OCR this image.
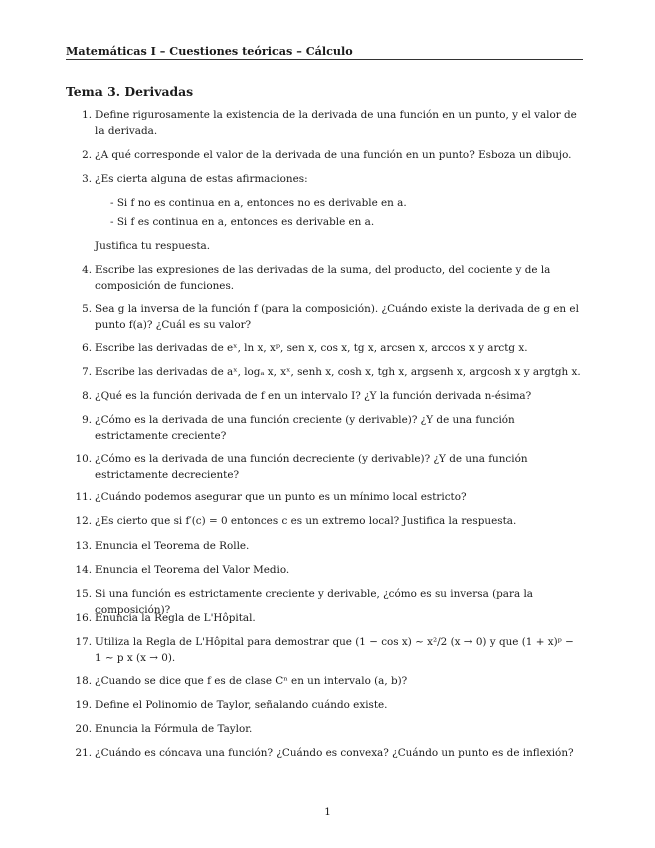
Matemáticas I – Cuestiones teóricas – Cálculo
Tema 3. Derivadas
1. Define rigurosamente la existencia de la derivada de una función en un punto, y el valor de la derivada.
2. ¿A qué corresponde el valor de la derivada de una función en un punto? Esboza un dibujo.
3. ¿Es cierta alguna de estas afirmaciones:
- Si f no es continua en a, entonces no es derivable en a.
- Si f es continua en a, entonces es derivable en a.
Justifica tu respuesta.
4. Escribe las expresiones de las derivadas de la suma, del producto, del cociente y de la composición de funciones.
5. Sea g la inversa de la función f (para la composición). ¿Cuándo existe la derivada de g en el punto f(a)? ¿Cuál es su valor?
6. Escribe las derivadas de eˣ, ln x, xᵖ, sen x, cos x, tg x, arcsen x, arccos x y arctg x.
7. Escribe las derivadas de aˣ, logₐ x, xˣ, senh x, cosh x, tgh x, argsenh x, argcosh x y argtgh x.
8. ¿Qué es la función derivada de f en un intervalo I? ¿Y la función derivada n-ésima?
9. ¿Cómo es la derivada de una función creciente (y derivable)? ¿Y de una función estrictamente creciente?
10. ¿Cómo es la derivada de una función decreciente (y derivable)? ¿Y de una función estrictamente decreciente?
11. ¿Cuándo podemos asegurar que un punto es un mínimo local estricto?
12. ¿Es cierto que si f′(c) = 0 entonces c es un extremo local? Justifica la respuesta.
13. Enuncia el Teorema de Rolle.
14. Enuncia el Teorema del Valor Medio.
15. Si una función es estrictamente creciente y derivable, ¿cómo es su inversa (para la composición)?
16. Enuncia la Regla de L'Hôpital.
17. Utiliza la Regla de L'Hôpital para demostrar que (1 − cos x) ∼ x²/2 (x → 0) y que (1 + x)ᵖ − 1 ∼ p x (x → 0).
18. ¿Cuando se dice que f es de clase Cⁿ en un intervalo (a, b)?
19. Define el Polinomio de Taylor, señalando cuándo existe.
20. Enuncia la Fórmula de Taylor.
21. ¿Cuándo es cóncava una función? ¿Cuándo es convexa? ¿Cuándo un punto es de inflexión?
1
